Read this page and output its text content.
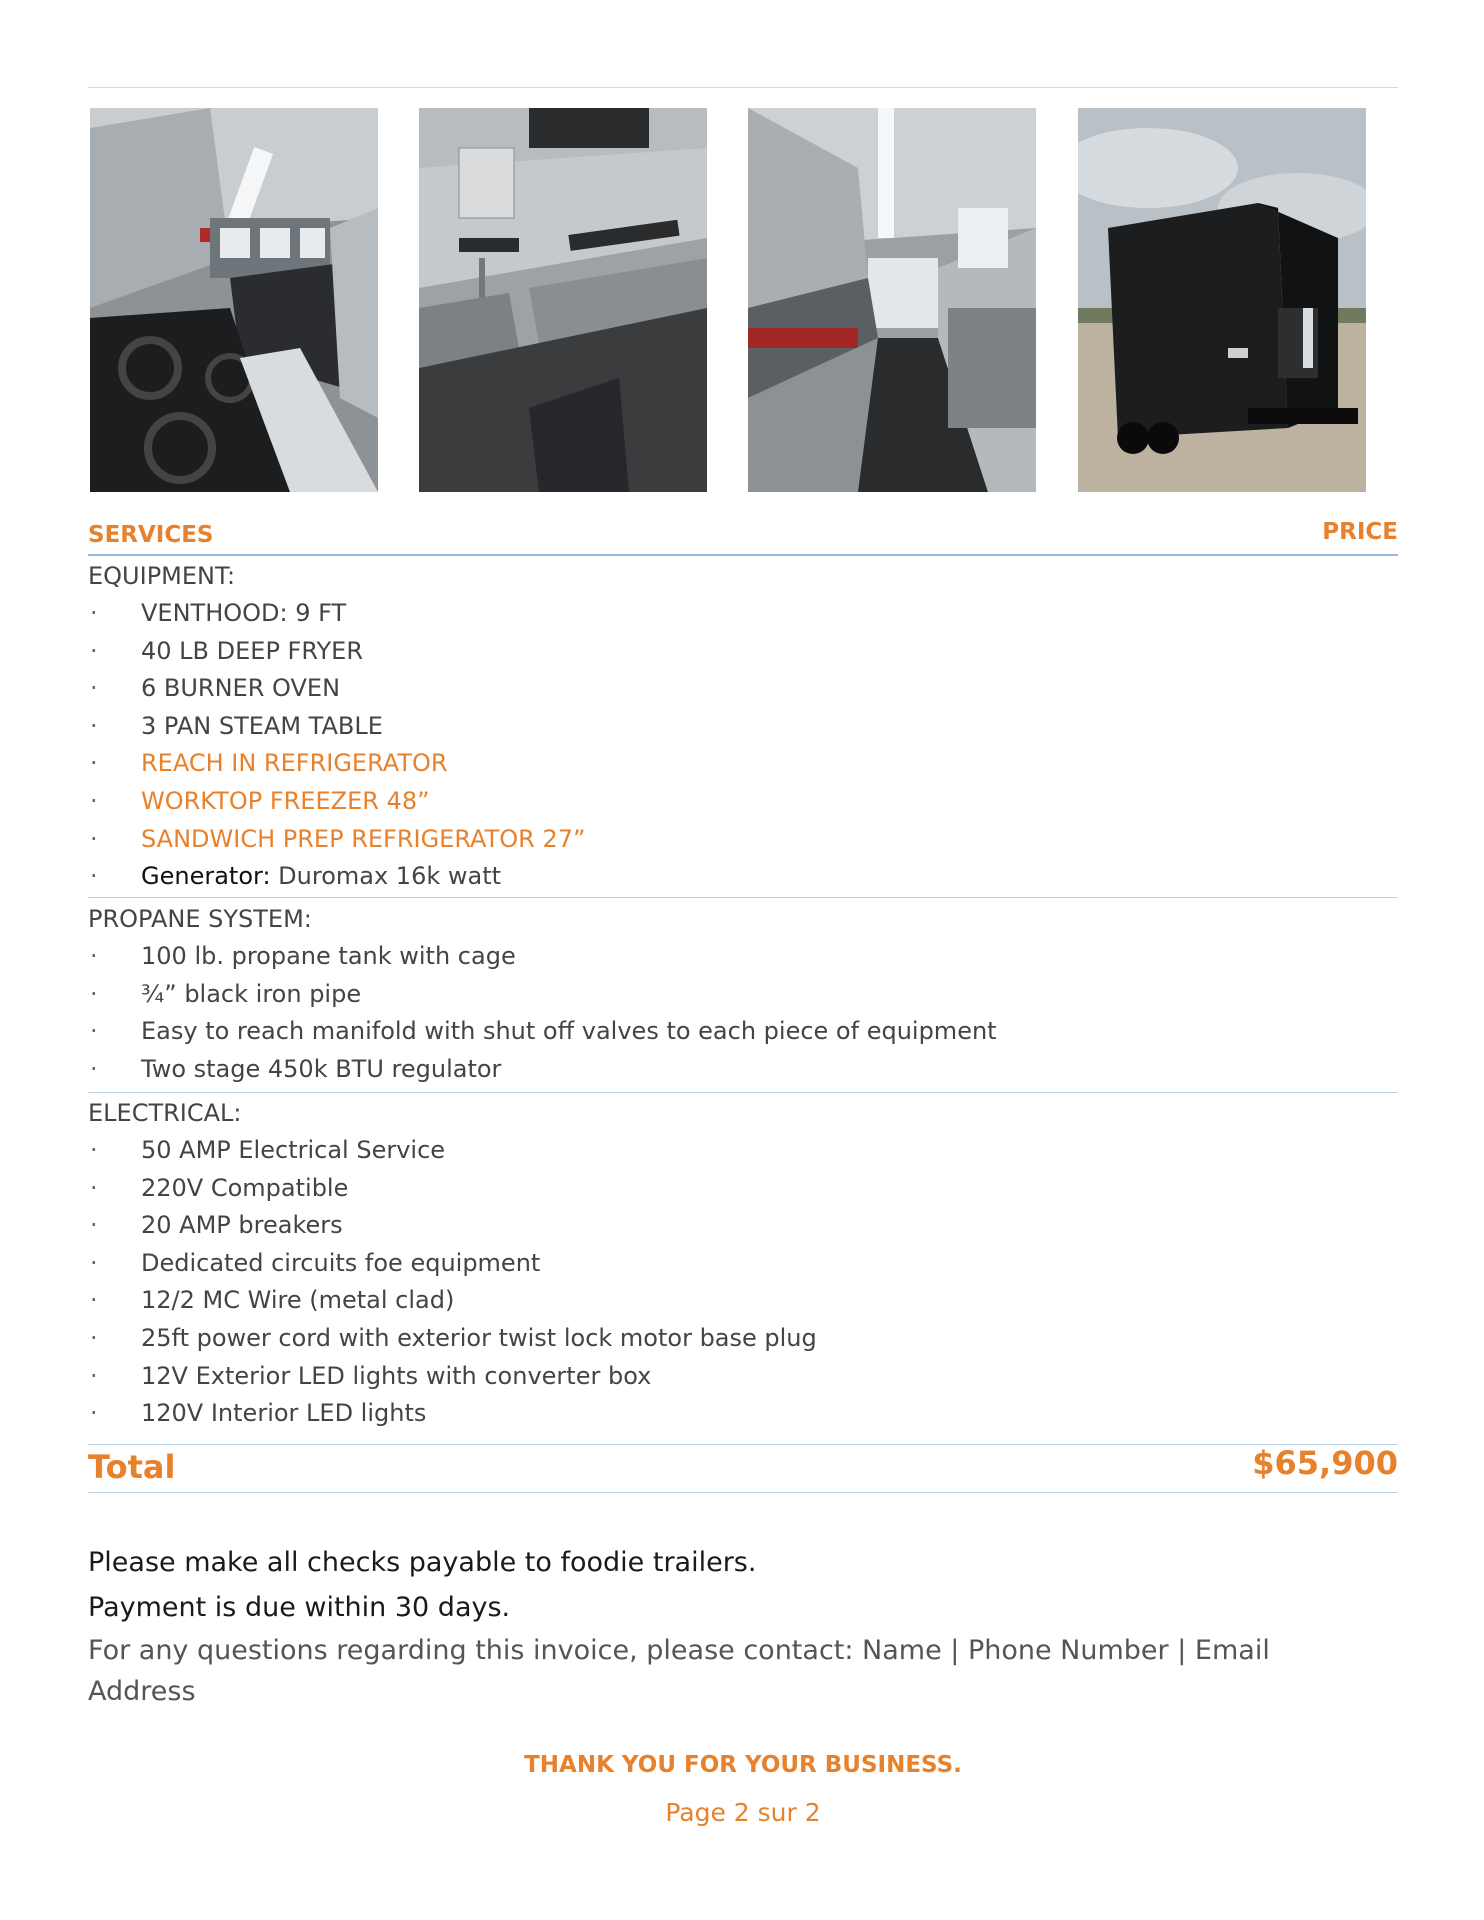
SERVICES	PRICE
EQUIPMENT:
· VENTHOOD: 9 FT
· 40 LB DEEP FRYER
· 6 BURNER OVEN
· 3 PAN STEAM TABLE
· REACH IN REFRIGERATOR
· WORKTOP FREEZER 48”
· SANDWICH PREP REFRIGERATOR 27”
· Generator: Duromax 16k watt
PROPANE SYSTEM:
· 100 lb. propane tank with cage
· ¾” black iron pipe
· Easy to reach manifold with shut off valves to each piece of equipment
· Two stage 450k BTU regulator
ELECTRICAL:
· 50 AMP Electrical Service
· 220V Compatible
· 20 AMP breakers
· Dedicated circuits foe equipment
· 12/2 MC Wire (metal clad)
· 25ft power cord with exterior twist lock motor base plug
· 12V Exterior LED lights with converter box
· 120V Interior LED lights
Total	$65,900
Please make all checks payable to foodie trailers.
Payment is due within 30 days.
For any questions regarding this invoice, please contact: Name | Phone Number | Email Address
THANK YOU FOR YOUR BUSINESS.
Page 2 sur 2
